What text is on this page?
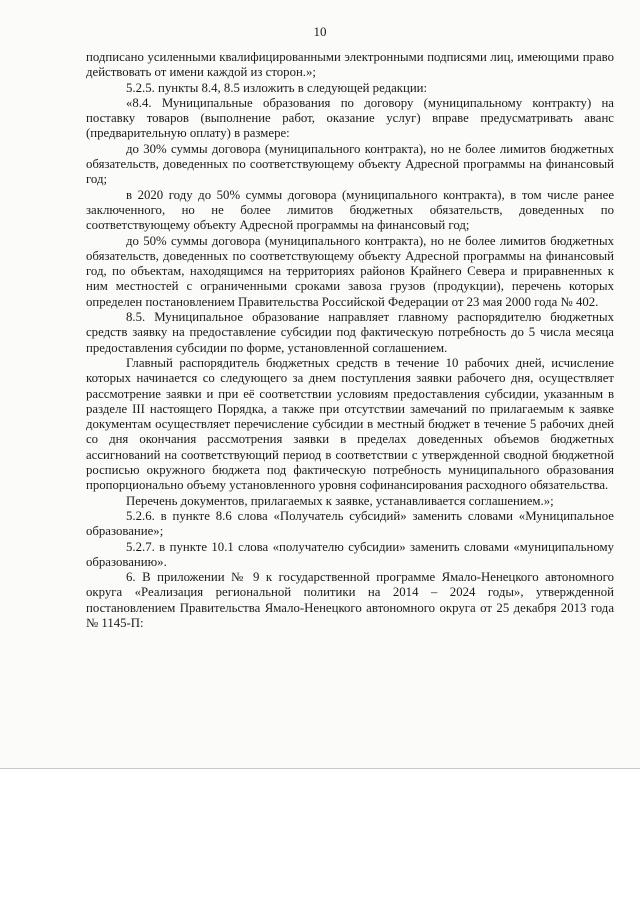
10

подписано усиленными квалифицированными электронными подписями лиц, имеющими право действовать от имени каждой из сторон.»;

5.2.5. пункты 8.4, 8.5 изложить в следующей редакции:

«8.4. Муниципальные образования по договору (муниципальному контракту) на поставку товаров (выполнение работ, оказание услуг) вправе предусматривать аванс (предварительную оплату) в размере:

до 30% суммы договора (муниципального контракта), но не более лимитов бюджетных обязательств, доведенных по соответствующему объекту Адресной программы на финансовый год;

в 2020 году до 50% суммы договора (муниципального контракта), в том числе ранее заключенного, но не более лимитов бюджетных обязательств, доведенных по соответствующему объекту Адресной программы на финансовый год;

до 50% суммы договора (муниципального контракта), но не более лимитов бюджетных обязательств, доведенных по соответствующему объекту Адресной программы на финансовый год, по объектам, находящимся на территориях районов Крайнего Севера и приравненных к ним местностей с ограниченными сроками завоза грузов (продукции), перечень которых определен постановлением Правительства Российской Федерации от 23 мая 2000 года № 402.

8.5. Муниципальное образование направляет главному распорядителю бюджетных средств заявку на предоставление субсидии под фактическую потребность до 5 числа месяца предоставления субсидии по форме, установленной соглашением.

Главный распорядитель бюджетных средств в течение 10 рабочих дней, исчисление которых начинается со следующего за днем поступления заявки рабочего дня, осуществляет рассмотрение заявки и при её соответствии условиям предоставления субсидии, указанным в разделе III настоящего Порядка, а также при отсутствии замечаний по прилагаемым к заявке документам осуществляет перечисление субсидии в местный бюджет в течение 5 рабочих дней со дня окончания рассмотрения заявки в пределах доведенных объемов бюджетных ассигнований на соответствующий период в соответствии с утвержденной сводной бюджетной росписью окружного бюджета под фактическую потребность муниципального образования пропорционально объему установленного уровня софинансирования расходного обязательства.

Перечень документов, прилагаемых к заявке, устанавливается соглашением.»;

5.2.6. в пункте 8.6 слова «Получатель субсидий» заменить словами «Муниципальное образование»;

5.2.7. в пункте 10.1 слова «получателю субсидии» заменить словами «муниципальному образованию».

6. В приложении № 9 к государственной программе Ямало-Ненецкого автономного округа «Реализация региональной политики на 2014 – 2024 годы», утвержденной постановлением Правительства Ямало-Ненецкого автономного округа от 25 декабря 2013 года № 1145-П:
